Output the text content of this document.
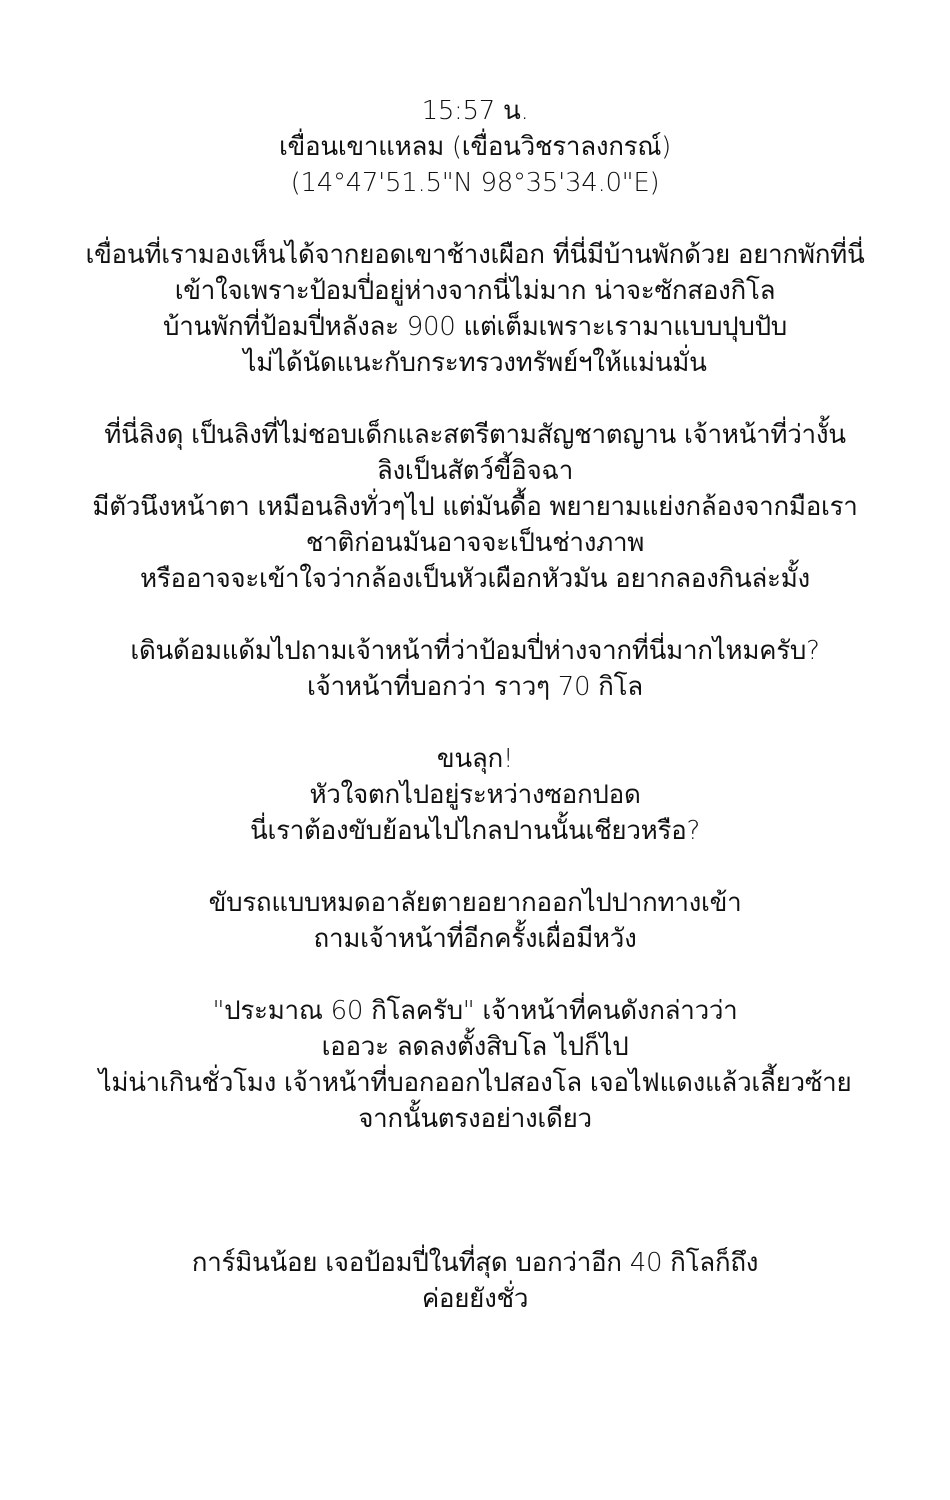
15:57 น.
เขื่อนเขาแหลม (เขื่อนวิชราลงกรณ์)
(14°47'51.5"N 98°35'34.0"E)
เขื่อนที่เรามองเห็นได้จากยอดเขาช้างเผือก ที่นี่มีบ้านพักด้วย อยากพักที่นี่
เข้าใจเพราะป้อมปี่อยู่ห่างจากนี่ไม่มาก น่าจะซักสองกิโล
บ้านพักที่ป้อมปี่หลังละ 900 แต่เต็มเพราะเรามาแบบปุบปับ
ไม่ได้นัดแนะกับกระทรวงทรัพย์ฯให้แม่นมั่น
ที่นี่ลิงดุ เป็นลิงที่ไม่ชอบเด็กและสตรีตามสัญชาตญาน เจ้าหน้าที่ว่างั้น
ลิงเป็นสัตว์ขี้อิจฉา
มีตัวนึงหน้าตา เหมือนลิงทั่วๆไป แต่มันดื้อ พยายามแย่งกล้องจากมือเรา
ชาติก่อนมันอาจจะเป็นช่างภาพ
หรืออาจจะเข้าใจว่ากล้องเป็นหัวเผือกหัวมัน อยากลองกินล่ะมั้ง
เดินด้อมแด้มไปถามเจ้าหน้าที่ว่าป้อมปี่ห่างจากที่นี่มากไหมครับ?
เจ้าหน้าที่บอกว่า ราวๆ 70 กิโล
ขนลุก!
หัวใจตกไปอยู่ระหว่างซอกปอด
นี่เราต้องขับย้อนไปไกลปานนั้นเชียวหรือ?
ขับรถแบบหมดอาลัยตายอยากออกไปปากทางเข้า
ถามเจ้าหน้าที่อีกครั้งเผื่อมีหวัง
"ประมาณ 60 กิโลครับ" เจ้าหน้าที่คนดังกล่าวว่า
เออวะ ลดลงตั้งสิบโล ไปก็ไป
ไม่น่าเกินชั่วโมง เจ้าหน้าที่บอกออกไปสองโล เจอไฟแดงแล้วเลี้ยวซ้าย
จากนั้นตรงอย่างเดียว
การ์มินน้อย เจอป้อมปี่ในที่สุด บอกว่าอีก 40 กิโลก็ถึง
ค่อยยังชั่ว
